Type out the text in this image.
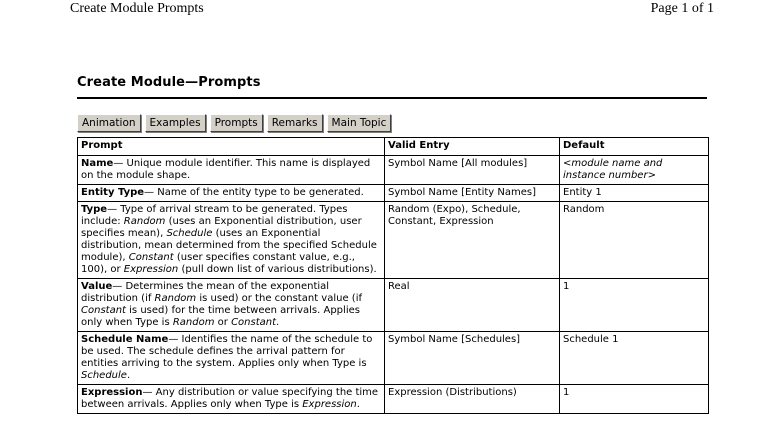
Create Module Prompts	Page 1 of 1
Create Module—Prompts
Animation	Examples	Prompts	Remarks	Main Topic
Prompt	Valid Entry	Default
Name— Unique module identifier. This name is displayed on the module shape.	Symbol Name [All modules]	<module name and instance number>
Entity Type— Name of the entity type to be generated.	Symbol Name [Entity Names]	Entity 1
Type— Type of arrival stream to be generated. Types include: Random (uses an Exponential distribution, user specifies mean), Schedule (uses an Exponential distribution, mean determined from the specified Schedule module), Constant (user specifies constant value, e.g., 100), or Expression (pull down list of various distributions).	Random (Expo), Schedule, Constant, Expression	Random
Value— Determines the mean of the exponential distribution (if Random is used) or the constant value (if Constant is used) for the time between arrivals. Applies only when Type is Random or Constant.	Real	1
Schedule Name— Identifies the name of the schedule to be used. The schedule defines the arrival pattern for entities arriving to the system. Applies only when Type is Schedule.	Symbol Name [Schedules]	Schedule 1
Expression— Any distribution or value specifying the time between arrivals. Applies only when Type is Expression.	Expression (Distributions)	1
